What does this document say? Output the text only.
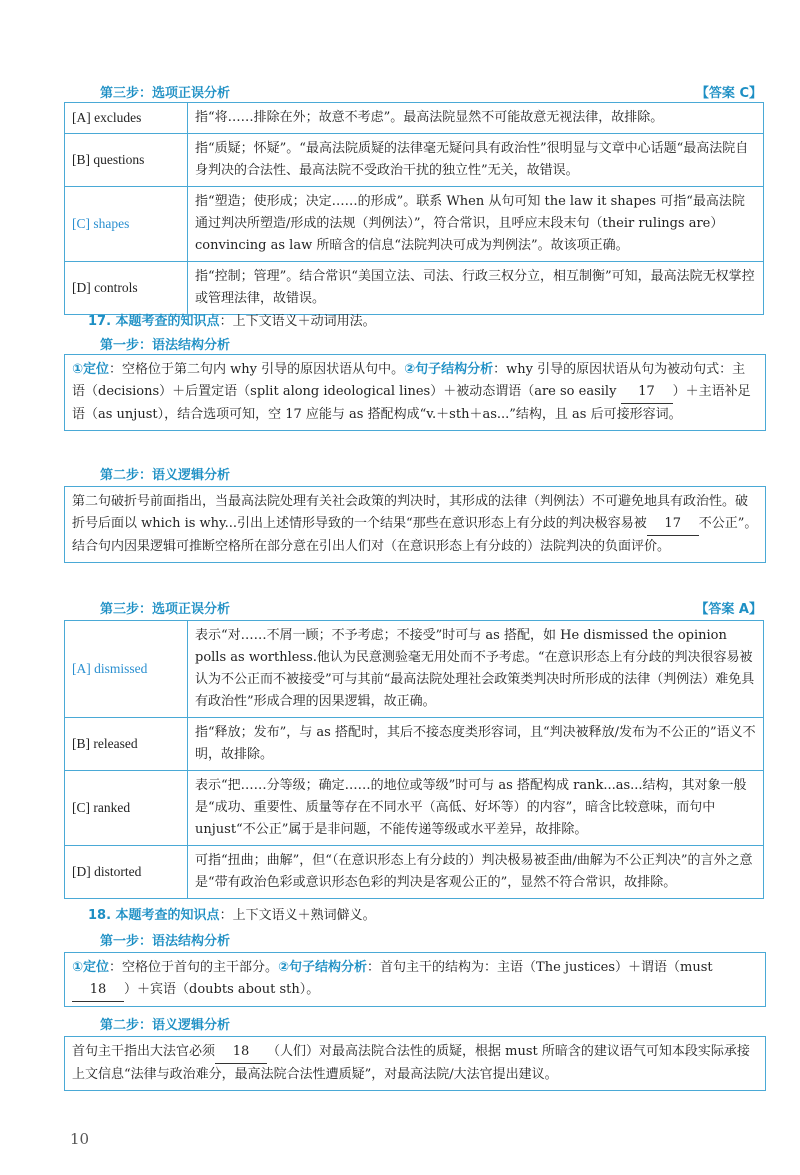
第三步：选项正误分析	【答案 C】
[A] excludes	指“将……排除在外；故意不考虑”。最高法院显然不可能故意无视法律，故排除。
[B] questions	指“质疑；怀疑”。“最高法院质疑的法律毫无疑问具有政治性”很明显与文章中心话题“最高法院自身判决的合法性、最高法院不受政治干扰的独立性”无关，故错误。
[C] shapes	指“塑造；使形成；决定……的形成”。联系 When 从句可知 the law it shapes 可指“最高法院通过判决所塑造/形成的法规（判例法）”，符合常识，且呼应末段末句（their rulings are）convincing as law 所暗含的信息“法院判决可成为判例法”。故该项正确。
[D] controls	指“控制；管理”。结合常识“美国立法、司法、行政三权分立，相互制衡”可知，最高法院无权掌控或管理法律，故错误。
17. 本题考查的知识点：上下文语义＋动词用法。
第一步：语法结构分析
①定位：空格位于第二句内 why 引导的原因状语从句中。②句子结构分析：why 引导的原因状语从句为被动句式：主语（decisions）＋后置定语（split along ideological lines）＋被动态谓语（are so easily 17 ）＋主语补足语（as unjust），结合选项可知，空 17 应能与 as 搭配构成“v.＋sth＋as...”结构，且 as 后可接形容词。
第二步：语义逻辑分析
第二句破折号前面指出，当最高法院处理有关社会政策的判决时，其形成的法律（判例法）不可避免地具有政治性。破折号后面以 which is why...引出上述情形导致的一个结果“那些在意识形态上有分歧的判决极容易被 17 不公正”。结合句内因果逻辑可推断空格所在部分意在引出人们对（在意识形态上有分歧的）法院判决的负面评价。
第三步：选项正误分析	【答案 A】
[A] dismissed	表示“对……不屑一顾；不予考虑；不接受”时可与 as 搭配，如 He dismissed the opinion polls as worthless.他认为民意测验毫无用处而不予考虑。“在意识形态上有分歧的判决很容易被认为不公正而不被接受”可与其前“最高法院处理社会政策类判决时所形成的法律（判例法）难免具有政治性”形成合理的因果逻辑，故正确。
[B] released	指“释放；发布”，与 as 搭配时，其后不接态度类形容词，且“判决被释放/发布为不公正的”语义不明，故排除。
[C] ranked	表示“把……分等级；确定……的地位或等级”时可与 as 搭配构成 rank...as...结构，其对象一般是“成功、重要性、质量等存在不同水平（高低、好坏等）的内容”，暗含比较意味，而句中 unjust“不公正”属于是非问题，不能传递等级或水平差异，故排除。
[D] distorted	可指“扭曲；曲解”，但“（在意识形态上有分歧的）判决极易被歪曲/曲解为不公正判决”的言外之意是“带有政治色彩或意识形态色彩的判决是客观公正的”，显然不符合常识，故排除。
18. 本题考查的知识点：上下文语义＋熟词僻义。
第一步：语法结构分析
①定位：空格位于首句的主干部分。②句子结构分析：首句主干的结构为：主语（The justices）＋谓语（must 18 ）＋宾语（doubts about sth）。
第二步：语义逻辑分析
首句主干指出大法官必须 18 （人们）对最高法院合法性的质疑，根据 must 所暗含的建议语气可知本段实际承接上文信息“法律与政治难分，最高法院合法性遭质疑”，对最高法院/大法官提出建议。
10
